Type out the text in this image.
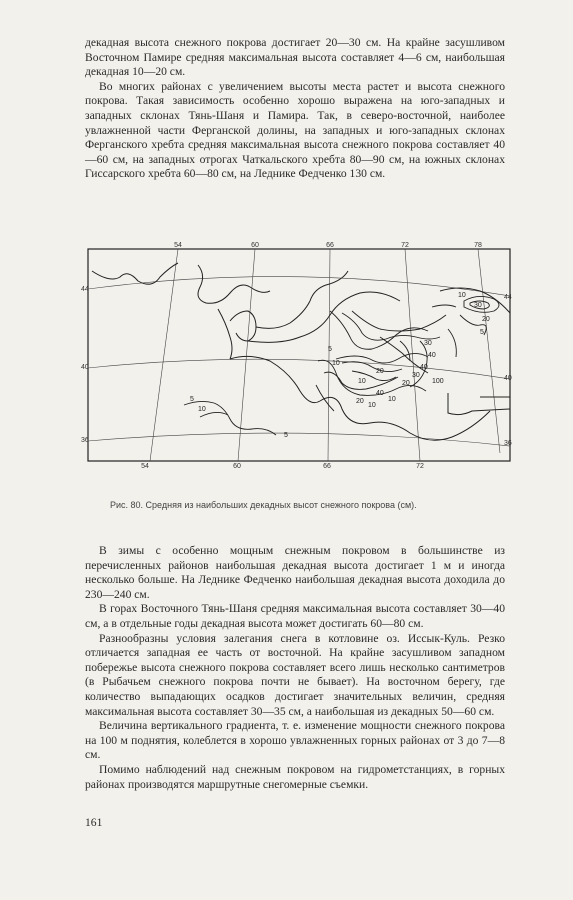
декадная высота снежного покрова достигает 20—30 см. На крайне засушливом Восточном Памире средняя максимальная высота составляет 4—6 см, наибольшая декадная 10—20 см.

Во многих районах с увеличением высоты места растет и высота снежного покрова. Такая зависимость особенно хорошо выражена на юго-западных и западных склонах Тянь-Шаня и Памира. Так, в северо-восточной, наиболее увлажненной части Ферганской долины, на западных и юго-западных склонах Ферганского хребта средняя максимальная высота снежного покрова составляет 40—60 см, на западных отрогах Чаткальского хребта 80—90 см, на южных склонах Гиссарского хребта 60—80 см, на Леднике Федченко 130 см.

54	60	66	72	78
54	60	66	72
44
40
36
44
40
36
30
20
10
5
30
40
40
30
20	100
10
40
10
20
20
10
5
10
5
10
5
Рис. 80. Средняя из наибольших декадных высот снежного покрова (см).

В зимы с особенно мощным снежным покровом в большинстве из перечисленных районов наибольшая декадная высота достигает 1 м и иногда несколько больше. На Леднике Федченко наибольшая декадная высота доходила до 230—240 см.

В горах Восточного Тянь-Шаня средняя максимальная высота составляет 30—40 см, а в отдельные годы декадная высота может достигать 60—80 см.

Разнообразны условия залегания снега в котловине оз. Иссык-Куль. Резко отличается западная ее часть от восточной. На крайне засушливом западном побережье высота снежного покрова составляет всего лишь несколько сантиметров (в Рыбачьем снежного покрова почти не бывает). На восточном берегу, где количество выпадающих осадков достигает значительных величин, средняя максимальная высота составляет 30—35 см, а наибольшая из декадных 50—60 см.

Величина вертикального градиента, т. е. изменение мощности снежного покрова на 100 м поднятия, колеблется в хорошо увлажненных горных районах от 3 до 7—8 см.

Помимо наблюдений над снежным покровом на гидрометстанциях, в горных районах производятся маршрутные снегомерные съемки.

161
